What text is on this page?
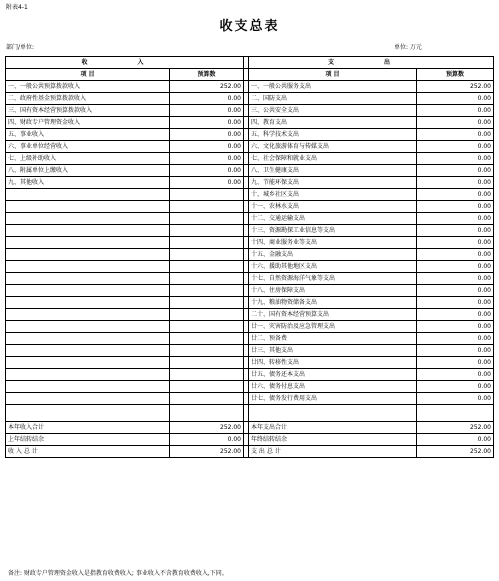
附表4-1
收支总表
部门/单位:	单位: 万元
收 入			支 出	
项 目	预算数		项 目	预算数
一、一般公共预算拨款收入	252.00		一、一般公共服务支出	252.00
二、政府性基金预算拨款收入	0.00		二、国防支出	0.00
三、国有资本经营预算拨款收入	0.00		三、公共安全支出	0.00
四、财政专户管理资金收入	0.00		四、教育支出	0.00
五、事业收入	0.00		五、科学技术支出	0.00
六、事业单位经营收入	0.00		六、文化旅游体育与传媒支出	0.00
七、上级补助收入	0.00		七、社会保障和就业支出	0.00
八、附属单位上缴收入	0.00		八、卫生健康支出	0.00
九、其他收入	0.00		九、节能环保支出	0.00
			十、城乡社区支出	0.00
			十一、农林水支出	0.00
			十二、交通运输支出	0.00
			十三、资源勘探工业信息等支出	0.00
			十四、商业服务业等支出	0.00
			十五、金融支出	0.00
			十六、援助其他地区支出	0.00
			十七、自然资源海洋气象等支出	0.00
			十八、住房保障支出	0.00
			十九、粮油物资储备支出	0.00
			二十、国有资本经营预算支出	0.00
			廿一、灾害防治及应急管理支出	0.00
			廿二、预备费	0.00
			廿三、其他支出	0.00
			廿四、转移性支出	0.00
			廿五、债务还本支出	0.00
			廿六、债务付息支出	0.00
			廿七、债务发行费用支出	0.00

本年收入合计	252.00		本年支出合计	252.00
上年结转结余	0.00		年终结转结余	0.00
收 入 总 计	252.00		支 出 总 计	252.00
备注: 财政专户管理资金收入是指教育收费收入; 事业收入不含教育收费收入,下同。
